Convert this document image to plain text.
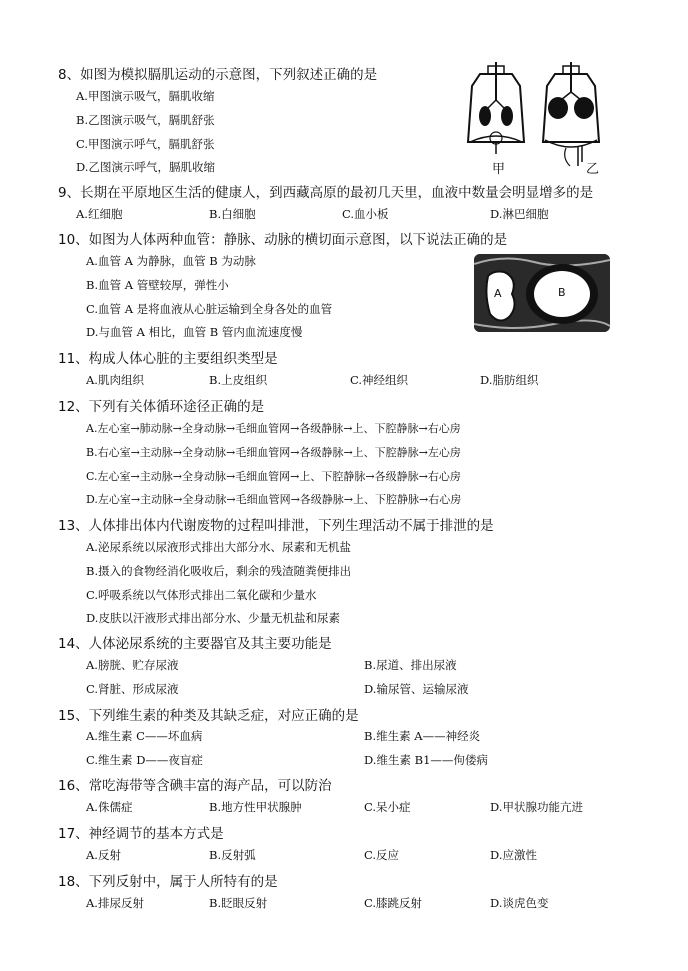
8、如图为模拟膈肌运动的示意图，下列叙述正确的是
A.甲图演示吸气，膈肌收缩
B.乙图演示吸气，膈肌舒张
C.甲图演示呼气，膈肌舒张
D.乙图演示呼气，膈肌收缩	甲	乙
9、长期在平原地区生活的健康人，到西藏高原的最初几天里，血液中数量会明显增多的是
A.红细胞	B.白细胞	C.血小板	D.淋巴细胞
10、如图为人体两种血管：静脉、动脉的横切面示意图，以下说法正确的是
A.血管 A 为静脉，血管 B 为动脉
B.血管 A 管壁较厚，弹性小
C.血管 A 是将血液从心脏运输到全身各处的血管
D.与血管 A 相比，血管 B 管内血流速度慢
A	B
11、构成人体心脏的主要组织类型是
A.肌肉组织	B.上皮组织	C.神经组织	D.脂肪组织
12、下列有关体循环途径正确的是
A.左心室→肺动脉→全身动脉→毛细血管网→各级静脉→上、下腔静脉→右心房
B.右心室→主动脉→全身动脉→毛细血管网→各级静脉→上、下腔静脉→左心房
C.左心室→主动脉→全身动脉→毛细血管网→上、下腔静脉→各级静脉→右心房
D.左心室→主动脉→全身动脉→毛细血管网→各级静脉→上、下腔静脉→右心房
13、人体排出体内代谢废物的过程叫排泄，下列生理活动不属于排泄的是
A.泌尿系统以尿液形式排出大部分水、尿素和无机盐
B.摄入的食物经消化吸收后，剩余的残渣随粪便排出
C.呼吸系统以气体形式排出二氧化碳和少量水
D.皮肤以汗液形式排出部分水、少量无机盐和尿素
14、人体泌尿系统的主要器官及其主要功能是
A.膀胱、贮存尿液	B.尿道、排出尿液
C.肾脏、形成尿液	D.输尿管、运输尿液
15、下列维生素的种类及其缺乏症，对应正确的是
A.维生素 C——坏血病	B.维生素 A——神经炎
C.维生素 D——夜盲症	D.维生素 B1——佝偻病
16、常吃海带等含碘丰富的海产品，可以防治
A.侏儒症	B.地方性甲状腺肿	C.呆小症	D.甲状腺功能亢进
17、神经调节的基本方式是
A.反射	B.反射弧	C.反应	D.应激性
18、下列反射中，属于人所特有的是
A.排尿反射	B.眨眼反射	C.膝跳反射	D.谈虎色变
